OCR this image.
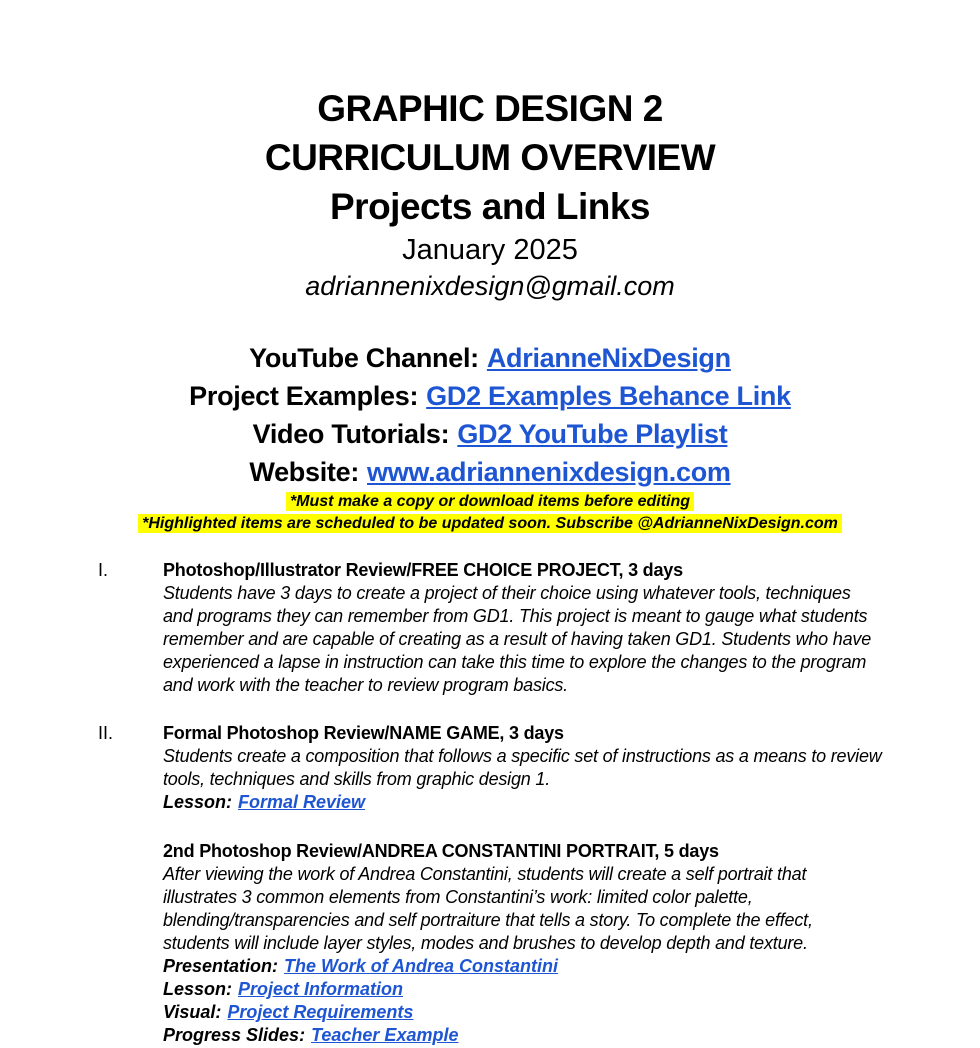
GRAPHIC DESIGN 2
CURRICULUM OVERVIEW
Projects and Links
January 2025
adriannenixdesign@gmail.com
YouTube Channel: AdrianneNixDesign
Project Examples: GD2 Examples Behance Link
Video Tutorials: GD2 YouTube Playlist
Website: www.adriannenixdesign.com
*Must make a copy or download items before editing
*Highlighted items are scheduled to be updated soon. Subscribe @AdrianneNixDesign.com
I.	Photoshop/Illustrator Review/FREE CHOICE PROJECT, 3 days
Students have 3 days to create a project of their choice using whatever tools, techniques and programs they can remember from GD1. This project is meant to gauge what students remember and are capable of creating as a result of having taken GD1. Students who have experienced a lapse in instruction can take this time to explore the changes to the program and work with the teacher to review program basics.
II.	Formal Photoshop Review/NAME GAME, 3 days
Students create a composition that follows a specific set of instructions as a means to review tools, techniques and skills from graphic design 1.
Lesson: Formal Review
2nd Photoshop Review/ANDREA CONSTANTINI PORTRAIT, 5 days
After viewing the work of Andrea Constantini, students will create a self portrait that illustrates 3 common elements from Constantini’s work: limited color palette, blending/transparencies and self portraiture that tells a story. To complete the effect, students will include layer styles, modes and brushes to develop depth and texture.
Presentation: The Work of Andrea Constantini
Lesson: Project Information
Visual: Project Requirements
Progress Slides: Teacher Example
